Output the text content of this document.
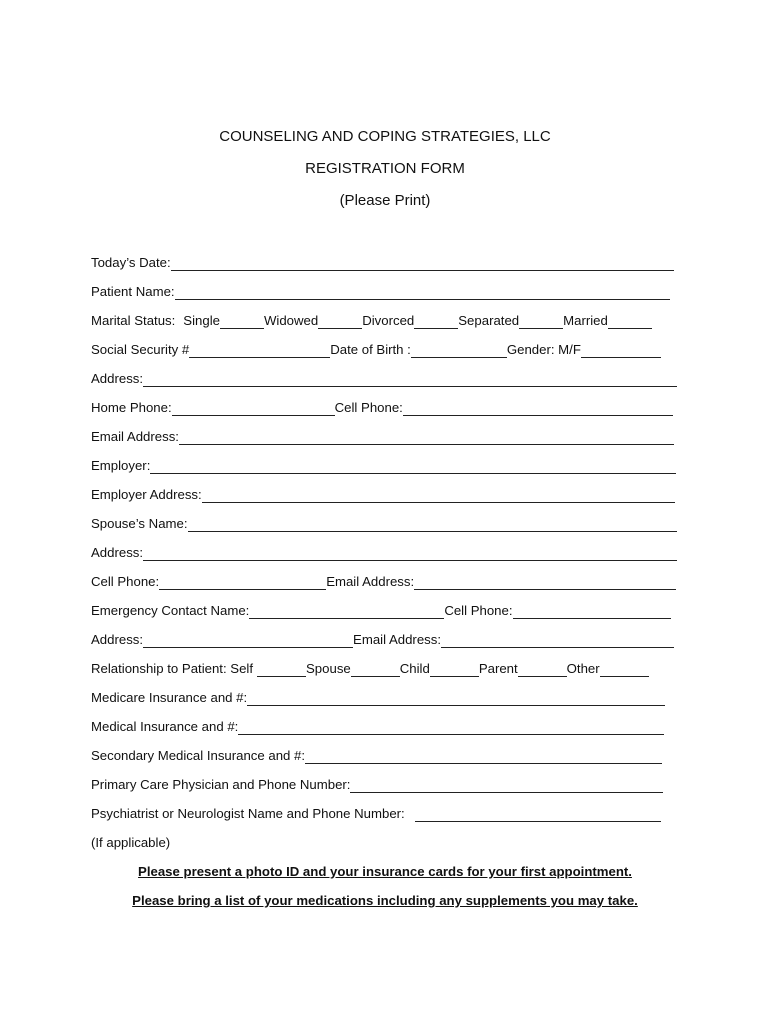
COUNSELING AND COPING STRATEGIES, LLC
REGISTRATION FORM
(Please Print)
Today’s Date:
Patient Name:
Marital Status: Single	Widowed	Divorced	Separated	Married
Social Security #	Date of Birth :	Gender: M/F
Address:
Home Phone:	Cell Phone:
Email Address:
Employer:
Employer Address:
Spouse’s Name:
Address:
Cell Phone:	Email Address:
Emergency Contact Name:	Cell Phone:
Address:	Email Address:
Relationship to Patient: Self	Spouse	Child	Parent	Other
Medicare Insurance and #:
Medical Insurance and #:
Secondary Medical Insurance and #:
Primary Care Physician and Phone Number:
Psychiatrist or Neurologist Name and Phone Number:
(If applicable)
Please present a photo ID and your insurance cards for your first appointment.
Please bring a list of your medications including any supplements you may take.
